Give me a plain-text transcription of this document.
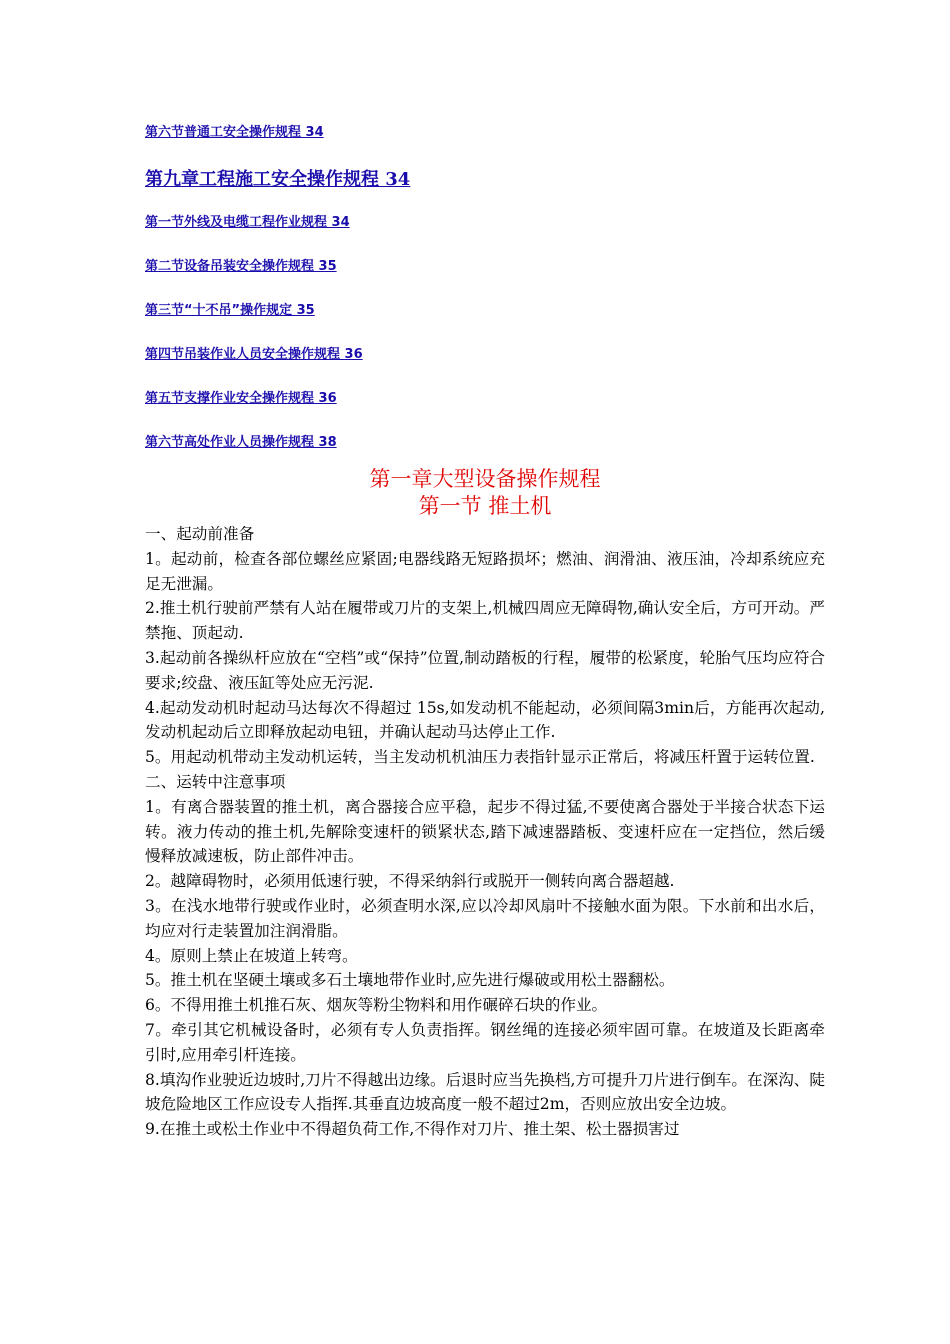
第六节普通工安全操作规程 34
第九章工程施工安全操作规程 34
第一节外线及电缆工程作业规程 34
第二节设备吊装安全操作规程 35
第三节“十不吊”操作规定 35
第四节吊装作业人员安全操作规程 36
第五节支撑作业安全操作规程 36
第六节高处作业人员操作规程 38
第一章大型设备操作规程
第一节 推土机

一、起动前准备

1。起动前，检查各部位螺丝应紧固;电器线路无短路损坏；燃油、润滑油、液压油，冷却系统应充足无泄漏。

2.推土机行驶前严禁有人站在履带或刀片的支架上,机械四周应无障碍物,确认安全后，方可开动。严禁拖、顶起动.

3.起动前各操纵杆应放在“空档”或“保持”位置,制动踏板的行程，履带的松紧度，轮胎气压均应符合要求;绞盘、液压缸等处应无污泥.

4.起动发动机时起动马达每次不得超过 15s,如发动机不能起动，必须间隔3min后，方能再次起动,发动机起动后立即释放起动电钮，并确认起动马达停止工作.

5。用起动机带动主发动机运转，当主发动机机油压力表指针显示正常后，将减压杆置于运转位置.

二、运转中注意事项

1。有离合器装置的推土机，离合器接合应平稳，起步不得过猛,不要使离合器处于半接合状态下运转。液力传动的推土机,先解除变速杆的锁紧状态,踏下减速器踏板、变速杆应在一定挡位，然后缓慢释放减速板，防止部件冲击。

2。越障碍物时，必须用低速行驶，不得采纳斜行或脱开一侧转向离合器超越.

3。在浅水地带行驶或作业时，必须查明水深,应以冷却风扇叶不接触水面为限。下水前和出水后，均应对行走装置加注润滑脂。

4。原则上禁止在坡道上转弯。

5。推土机在坚硬土壤或多石土壤地带作业时,应先进行爆破或用松土器翻松。

6。不得用推土机推石灰、烟灰等粉尘物料和用作碾碎石块的作业。

7。牵引其它机械设备时，必须有专人负责指挥。钢丝绳的连接必须牢固可靠。在坡道及长距离牵引时,应用牵引杆连接。

8.填沟作业驶近边坡时,刀片不得越出边缘。后退时应当先换档,方可提升刀片进行倒车。在深沟、陡坡危险地区工作应设专人指挥.其垂直边坡高度一般不超过2m，否则应放出安全边坡。

9.在推土或松土作业中不得超负荷工作,不得作对刀片、推土架、松土器损害过
